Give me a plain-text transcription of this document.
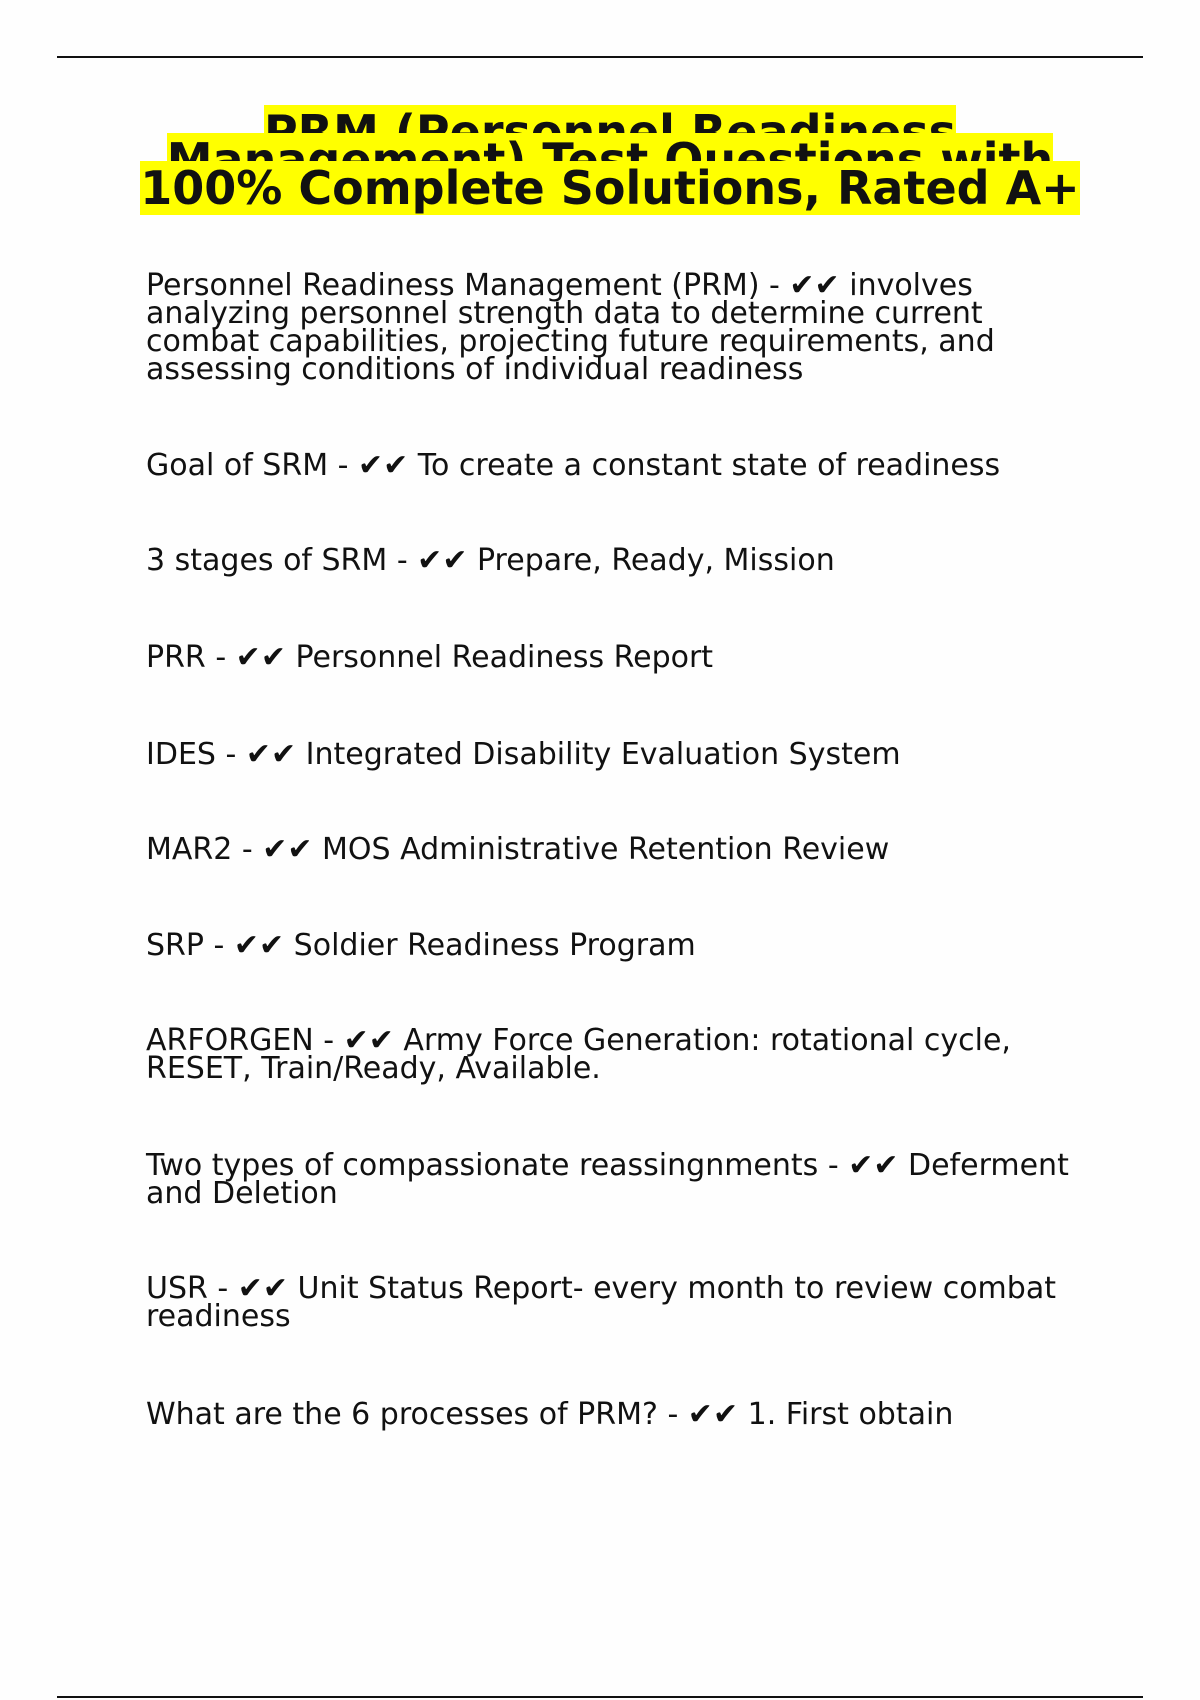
PRM (Personnel Readiness Management) Test Questions with 100% Complete Solutions, Rated A+

Personnel Readiness Management (PRM) - ✔✔ involves analyzing personnel strength data to determine current combat capabilities, projecting future requirements, and assessing conditions of individual readiness

Goal of SRM - ✔✔ To create a constant state of readiness

3 stages of SRM - ✔✔ Prepare, Ready, Mission

PRR - ✔✔ Personnel Readiness Report

IDES - ✔✔ Integrated Disability Evaluation System

MAR2 - ✔✔ MOS Administrative Retention Review

SRP - ✔✔ Soldier Readiness Program

ARFORGEN - ✔✔ Army Force Generation: rotational cycle, RESET, Train/Ready, Available.

Two types of compassionate reassingnments - ✔✔ Deferment and Deletion

USR - ✔✔ Unit Status Report- every month to review combat readiness

What are the 6 processes of PRM? - ✔✔ 1. First obtain
